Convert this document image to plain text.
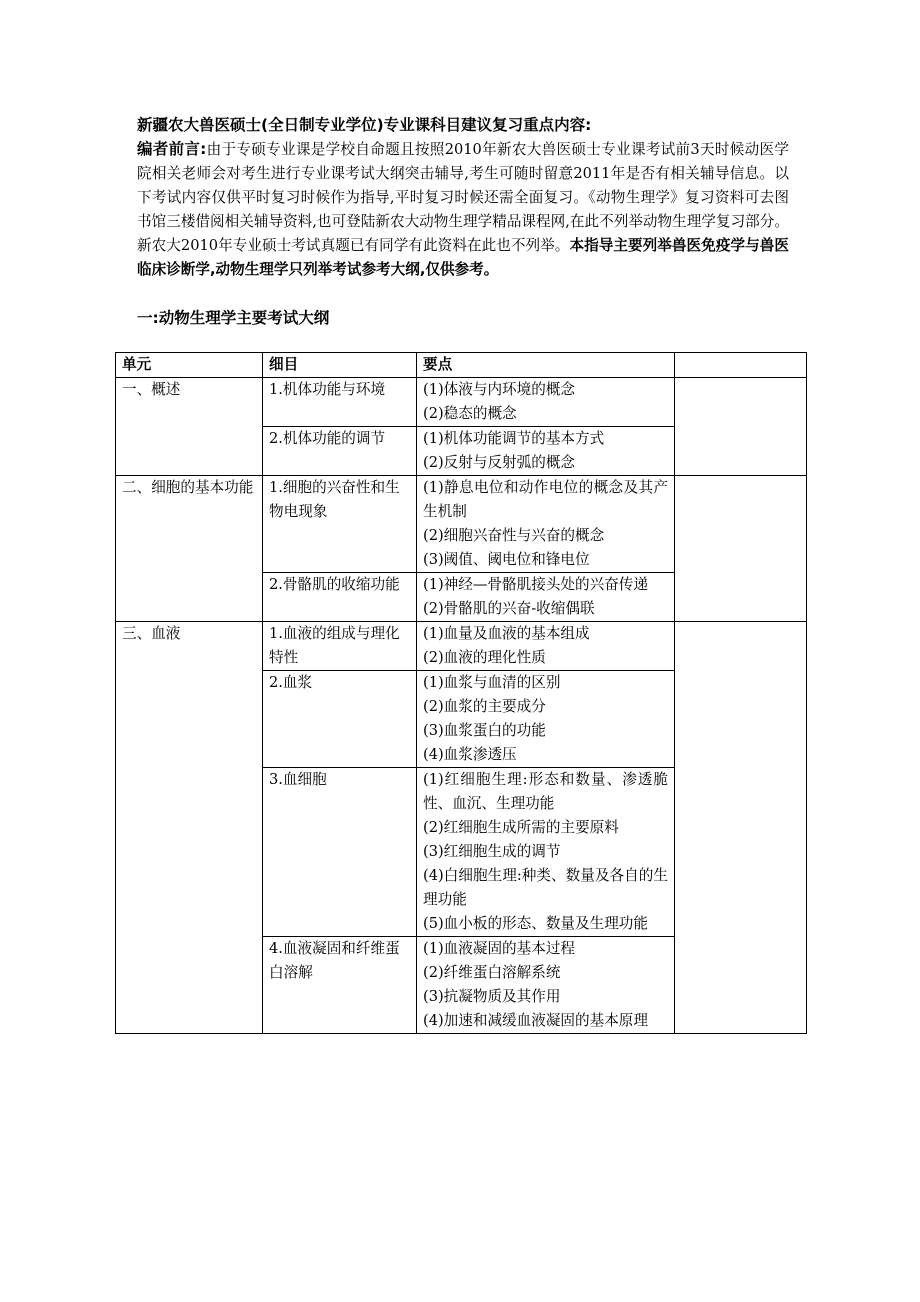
新疆农大兽医硕士(全日制专业学位)专业课科目建议复习重点内容:
编者前言:由于专硕专业课是学校自命题且按照2010年新农大兽医硕士专业课考试前3天时候动医学院相关老师会对考生进行专业课考试大纲突击辅导,考生可随时留意2011年是否有相关辅导信息。以下考试内容仅供平时复习时候作为指导,平时复习时候还需全面复习。《动物生理学》复习资料可去图书馆三楼借阅相关辅导资料,也可登陆新农大动物生理学精品课程网,在此不列举动物生理学复习部分。新农大2010年专业硕士考试真题已有同学有此资料在此也不列举。本指导主要列举兽医免疫学与兽医临床诊断学,动物生理学只列举考试参考大纲,仅供参考。
一:动物生理学主要考试大纲
单元	细目	要点	
一、概述	1.机体功能与环境	(1)体液与内环境的概念
(2)稳态的概念	

	2.机体功能的调节	(1)机体功能调节的基本方式
(2)反射与反射弧的概念	

二、细胞的基本功能	1.细胞的兴奋性和生物电现象	(1)静息电位和动作电位的概念及其产生机制
(2)细胞兴奋性与兴奋的概念
(3)阈值、阈电位和锋电位	

	2.骨骼肌的收缩功能	(1)神经—骨骼肌接头处的兴奋传递
(2)骨骼肌的兴奋-收缩偶联	

三、血液	1.血液的组成与理化特性	(1)血量及血液的基本组成
(2)血液的理化性质	

	2.血浆	(1)血浆与血清的区别
(2)血浆的主要成分
(3)血浆蛋白的功能
(4)血浆渗透压	

	3.血细胞	(1)红细胞生理:形态和数量、渗透脆性、血沉、生理功能
(2)红细胞生成所需的主要原料
(3)红细胞生成的调节
(4)白细胞生理:种类、数量及各自的生理功能
(5)血小板的形态、数量及生理功能	

	4.血液凝固和纤维蛋白溶解	(1)血液凝固的基本过程
(2)纤维蛋白溶解系统
(3)抗凝物质及其作用
(4)加速和减缓血液凝固的基本原理	
